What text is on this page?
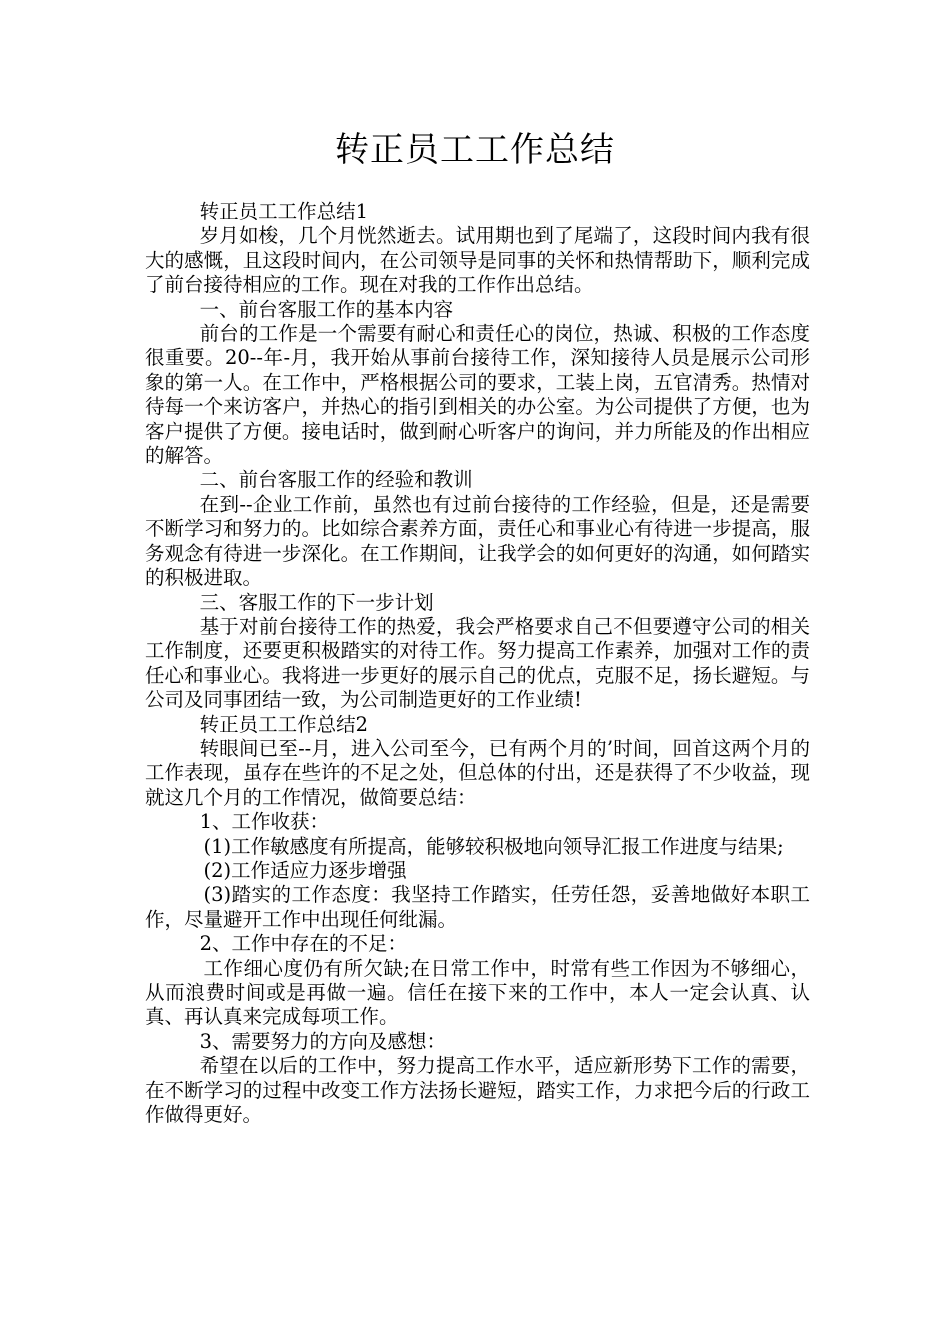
转正员工工作总结

转正员工工作总结1

岁月如梭，几个月恍然逝去。试用期也到了尾端了，这段时间内我有很大的感慨，且这段时间内，在公司领导是同事的关怀和热情帮助下，顺利完成了前台接待相应的工作。现在对我的工作作出总结。

一、前台客服工作的基本内容

前台的工作是一个需要有耐心和责任心的岗位，热诚、积极的工作态度很重要。20--年-月，我开始从事前台接待工作，深知接待人员是展示公司形象的第一人。在工作中，严格根据公司的要求，工装上岗，五官清秀。热情对待每一个来访客户，并热心的指引到相关的办公室。为公司提供了方便，也为客户提供了方便。接电话时，做到耐心听客户的询问，并力所能及的作出相应的解答。

二、前台客服工作的经验和教训

在到--企业工作前，虽然也有过前台接待的工作经验，但是，还是需要不断学习和努力的。比如综合素养方面，责任心和事业心有待进一步提高，服务观念有待进一步深化。在工作期间，让我学会的如何更好的沟通，如何踏实的积极进取。

三、客服工作的下一步计划

基于对前台接待工作的热爱，我会严格要求自己不但要遵守公司的相关工作制度，还要更积极踏实的对待工作。努力提高工作素养，加强对工作的责任心和事业心。我将进一步更好的展示自己的优点，克服不足，扬长避短。与公司及同事团结一致，为公司制造更好的工作业绩!

转正员工工作总结2

转眼间已至--月，进入公司至今，已有两个月的’时间，回首这两个月的工作表现，虽存在些许的不足之处，但总体的付出，还是获得了不少收益，现就这几个月的工作情况，做简要总结：

1、工作收获：

(1)工作敏感度有所提高，能够较积极地向领导汇报工作进度与结果;

(2)工作适应力逐步增强

(3)踏实的工作态度：我坚持工作踏实，任劳任怨，妥善地做好本职工作，尽量避开工作中出现任何纰漏。

2、工作中存在的不足：

工作细心度仍有所欠缺;在日常工作中，时常有些工作因为不够细心，从而浪费时间或是再做一遍。信任在接下来的工作中，本人一定会认真、认真、再认真来完成每项工作。

3、需要努力的方向及感想：

希望在以后的工作中，努力提高工作水平，适应新形势下工作的需要，在不断学习的过程中改变工作方法扬长避短，踏实工作，力求把今后的行政工作做得更好。
